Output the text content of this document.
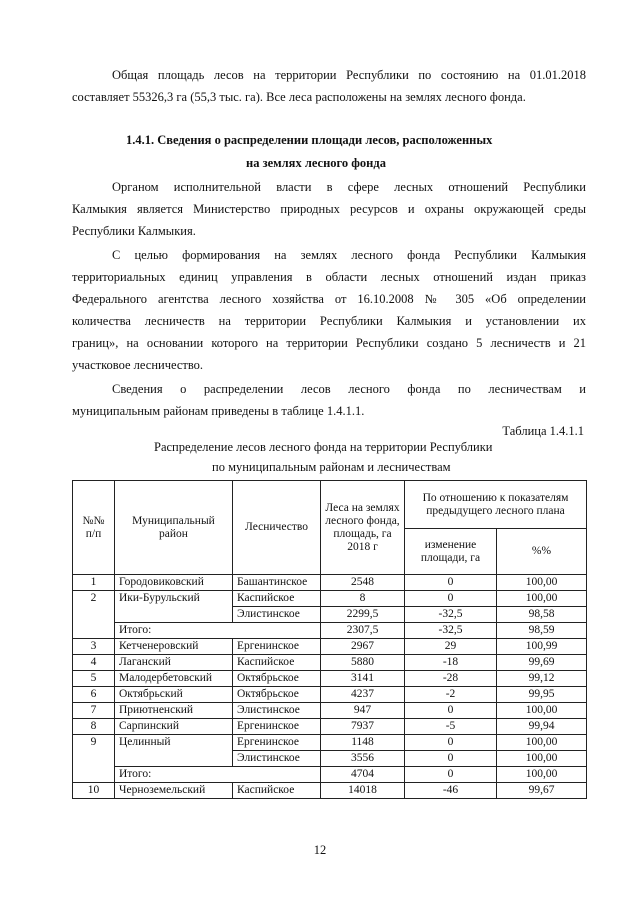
Общая площадь лесов на территории Республики по состоянию на 01.01.2018

составляет 55326,3 га (55,3 тыс. га). Все леса расположены на землях лесного фонда.

1.4.1. Сведения о распределении площади лесов, расположенных

на землях лесного фонда

Органом исполнительной власти в сфере лесных отношений Республики

Калмыкия является Министерство природных ресурсов и охраны окружающей среды

Республики Калмыкия.

С целью формирования на землях лесного фонда Республики Калмыкия

территориальных единиц управления в области лесных отношений издан приказ

Федерального агентства лесного хозяйства от 16.10.2008 № 305 «Об определении

количества лесничеств на территории Республики Калмыкия и установлении их

границ», на основании которого на территории Республики создано 5 лесничеств и 21

участковое лесничество.

Сведения о распределении лесов лесного фонда по лесничествам и

муниципальным районам приведены в таблице 1.4.1.1.

Таблица 1.4.1.1

Распределение лесов лесного фонда на территории Республики

по муниципальным районам и лесничествам

№№ п/п	Муниципальный район	Лесничество	Леса на землях лесного фонда, площадь, га 2018 г	По отношению к показателям предыдущего лесного плана	
				изменение площади, га	%%
1	Городовиковский	Башантинское	2548	0	100,00
2	Ики-Бурульский	Каспийское	8	0	100,00
		Элистинское	2299,5	-32,5	98,58
	Итого:		2307,5	-32,5	98,59
3	Кетченеровский	Ергенинское	2967	29	100,99
4	Лаганский	Каспийское	5880	-18	99,69
5	Малодербетовский	Октябрьское	3141	-28	99,12
6	Октябрьский	Октябрьское	4237	-2	99,95
7	Приютненский	Элистинское	947	0	100,00
8	Сарпинский	Ергенинское	7937	-5	99,94
9	Целинный	Ергенинское	1148	0	100,00
		Элистинское	3556	0	100,00
	Итого:		4704	0	100,00
10	Черноземельский	Каспийское	14018	-46	99,67
12
